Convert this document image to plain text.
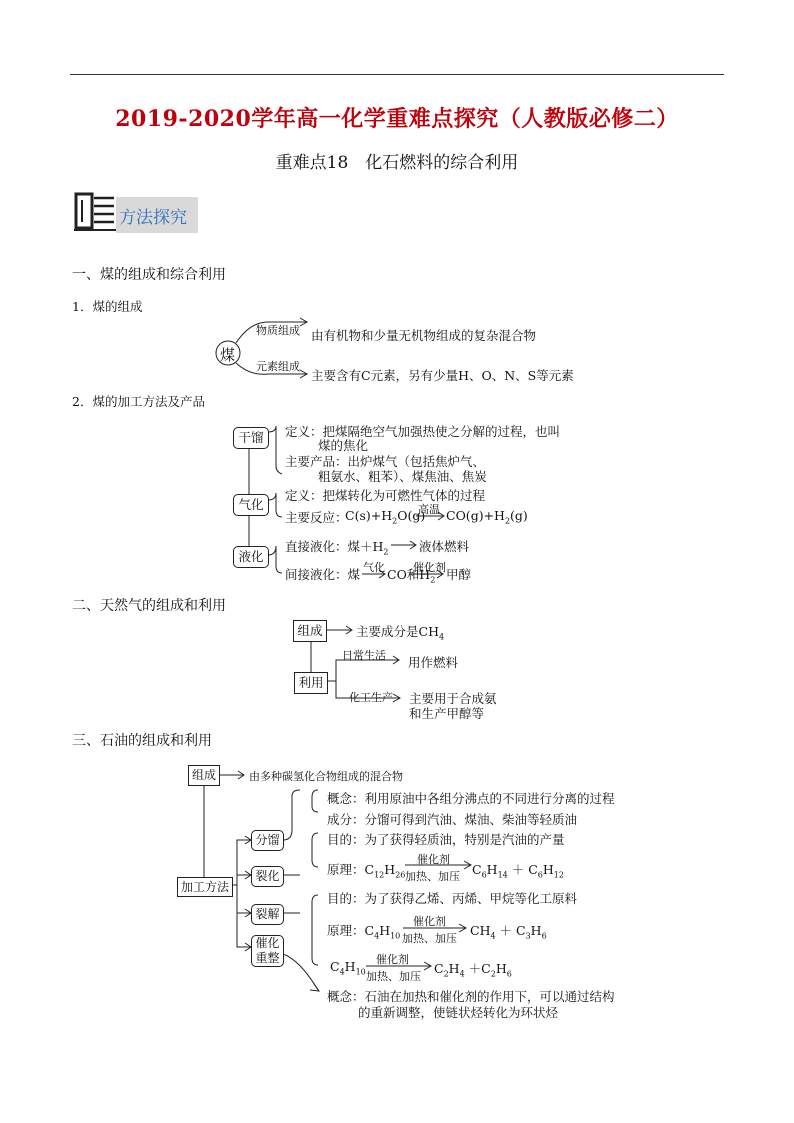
2019-2020学年高一化学重难点探究（人教版必修二）
重难点18　化石燃料的综合利用
方法探究
一、煤的组成和综合利用
1．煤的组成
煤
物质组成 由有机物和少量无机物组成的复杂混合物
元素组成
主要含有C元素，另有少量H、O、N、S等元素
2．煤的加工方法及产品
干馏	定义：把煤隔绝空气加强热使之分解的过程，也叫
煤的焦化
主要产品：出炉煤气（包括焦炉气、
粗氨水、粗苯）、煤焦油、焦炭
气化
定义：把煤转化为可燃性气体的过程
主要反应：
$C(s)+H_2O(g)$
高温 $CO(g)+H_2(g)$
液化
直接液化：煤$+H_2$ 液体燃料
间接液化：煤 气化 CO和$H_2$
催化剂 甲醇
二、天然气的组成和利用
组成	主要成分是$CH_4$
利用
日常生活 用作燃料
化工生产 主要用于合成氨
和生产甲醇等
三、石油的组成和利用
组成	由多种碳氢化合物组成的混合物
加工方法
分馏
概念：利用原油中各组分沸点的不同进行分离的过程
成分：分馏可得到汽油、煤油、柴油等轻质油
裂化
目的：为了获得轻质油，特别是汽油的产量
原理：$C_{12}H_{26}$
催化剂
加热、加压 $C_6H_{14} + C_6H_{12}$
裂解
目的：为了获得乙烯、丙烯、甲烷等化工原料
原理：$C_4H_{10}$
催化剂
加热、加压
$CH_4 + C_3H_6$
$C_4H_{10}$
催化剂
加热、加压
$C_2H_4 +C_2H_6$
催化
重整
概念：石油在加热和催化剂的作用下，可以通过结构
的重新调整，使链状烃转化为环状烃
